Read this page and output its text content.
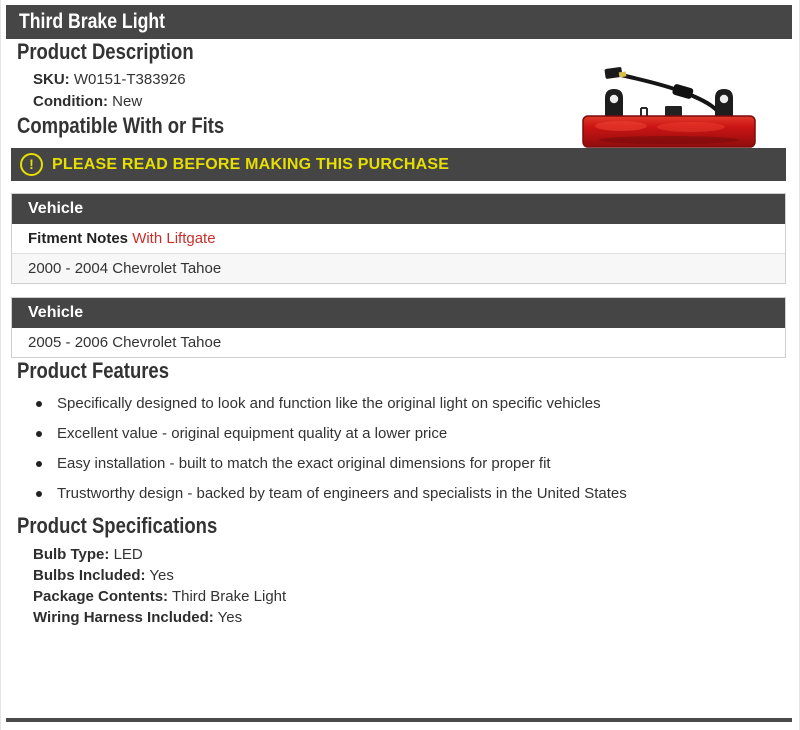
Third Brake Light
Product Description
SKU: W0151-T383926
Condition: New
Compatible With or Fits
!	PLEASE READ BEFORE MAKING THIS PURCHASE
Vehicle
Fitment Notes With Liftgate
2000 - 2004 Chevrolet Tahoe
Vehicle
2005 - 2006 Chevrolet Tahoe
Product Features
Specifically designed to look and function like the original light on specific vehicles
Excellent value - original equipment quality at a lower price
Easy installation - built to match the exact original dimensions for proper fit
Trustworthy design - backed by team of engineers and specialists in the United States
Product Specifications
Bulb Type: LED
Bulbs Included: Yes
Package Contents: Third Brake Light
Wiring Harness Included: Yes
